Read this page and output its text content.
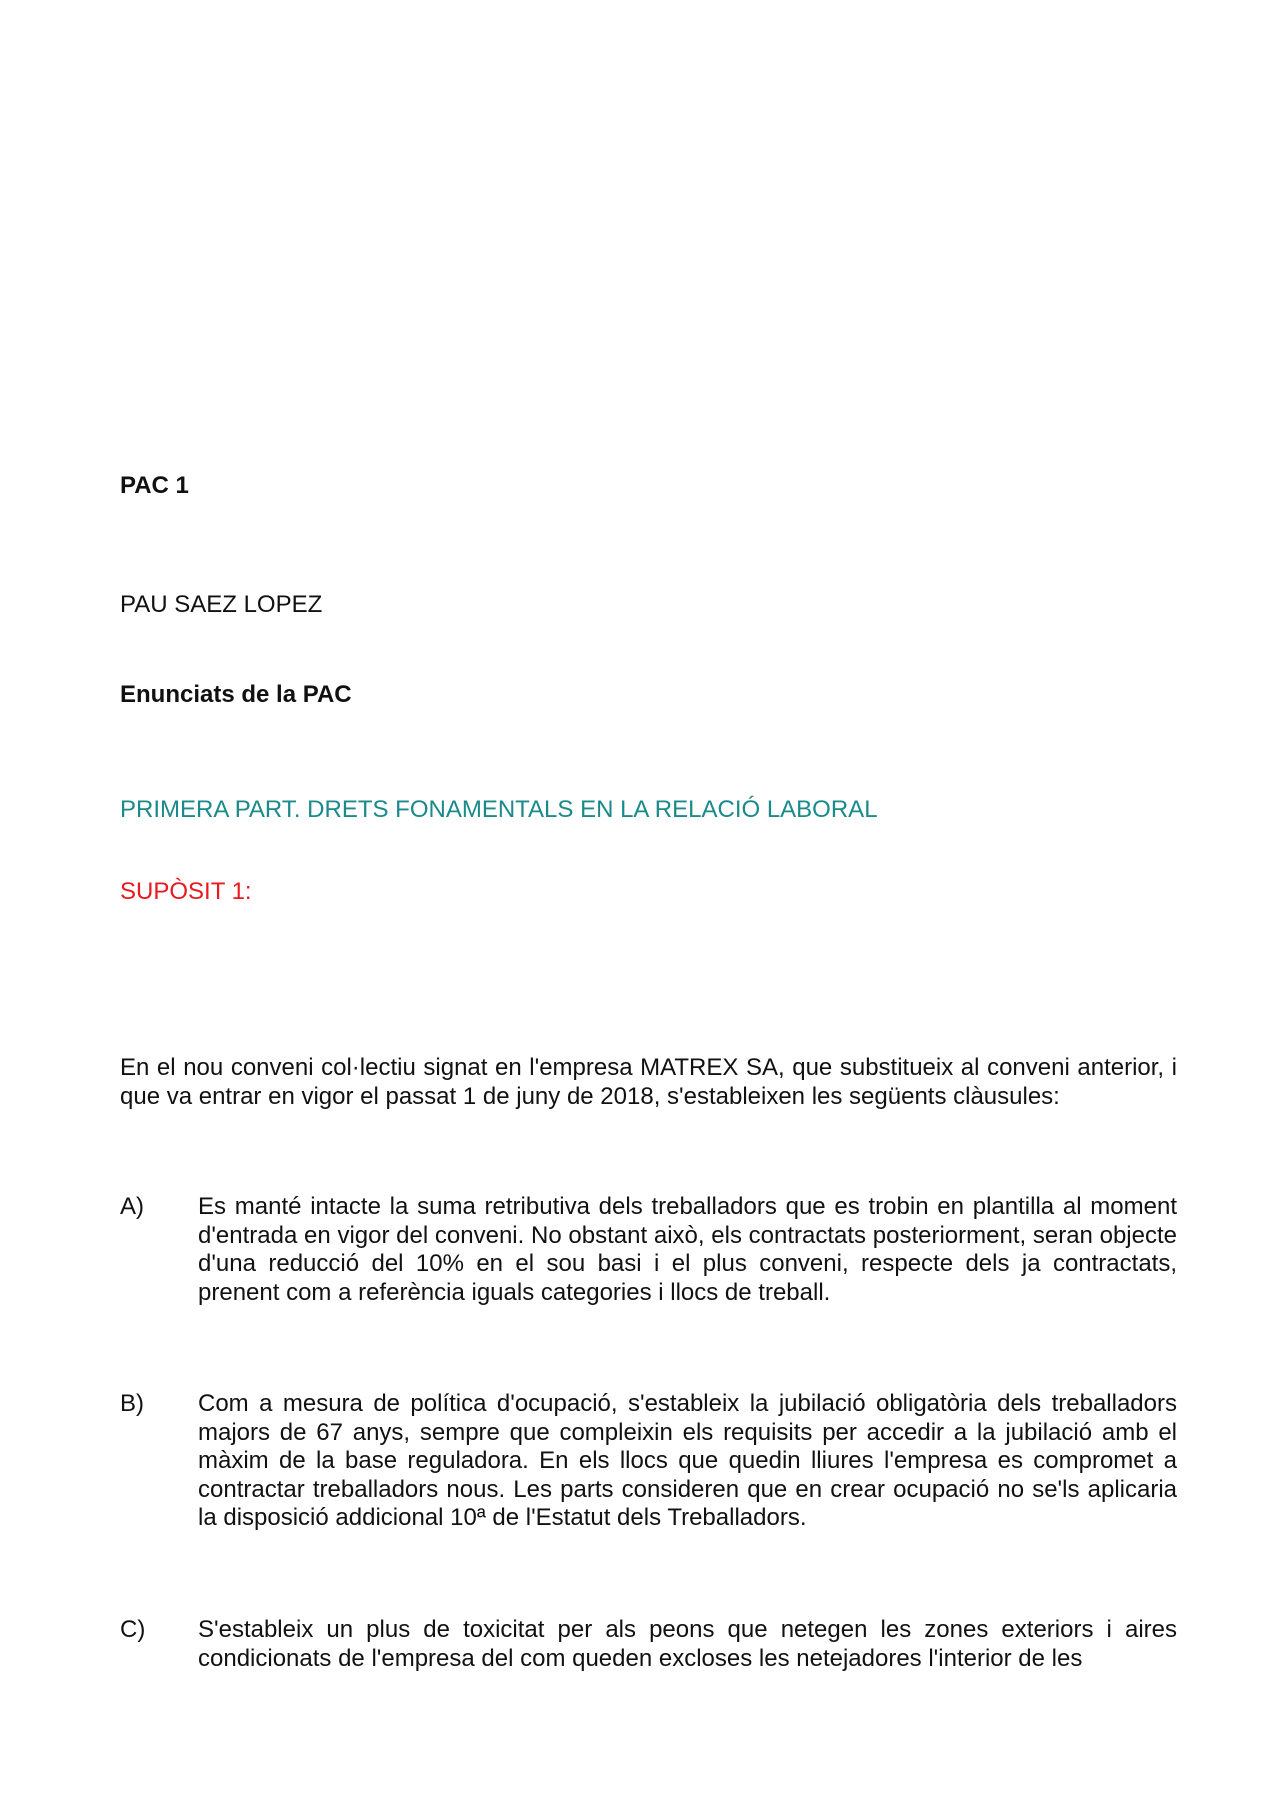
PAC 1

PAU SAEZ LOPEZ

Enunciats de la PAC

PRIMERA PART. DRETS FONAMENTALS EN LA RELACIÓ LABORAL

SUPÒSIT 1:

En el nou conveni col·lectiu signat en l'empresa MATREX SA, que substitueix al conveni anterior, i que va entrar en vigor el passat 1 de juny de 2018, s'estableixen les següents clàusules:

A) Es manté intacte la suma retributiva dels treballadors que es trobin en plantilla al moment d'entrada en vigor del conveni. No obstant això, els contractats posteriorment, seran objecte d'una reducció del 10% en el sou basi i el plus conveni, respecte dels ja contractats, prenent com a referència iguals categories i llocs de treball.

B) Com a mesura de política d'ocupació, s'estableix la jubilació obligatòria dels treballadors majors de 67 anys, sempre que compleixin els requisits per accedir a la jubilació amb el màxim de la base reguladora. En els llocs que quedin lliures l'empresa es compromet a contractar treballadors nous. Les parts consideren que en crear ocupació no se'ls aplicaria la disposició addicional 10ª de l'Estatut dels Treballadors.

C) S'estableix un plus de toxicitat per als peons que netegen les zones exteriors i aires condicionats de l'empresa del com queden excloses les netejadores l'interior de les
